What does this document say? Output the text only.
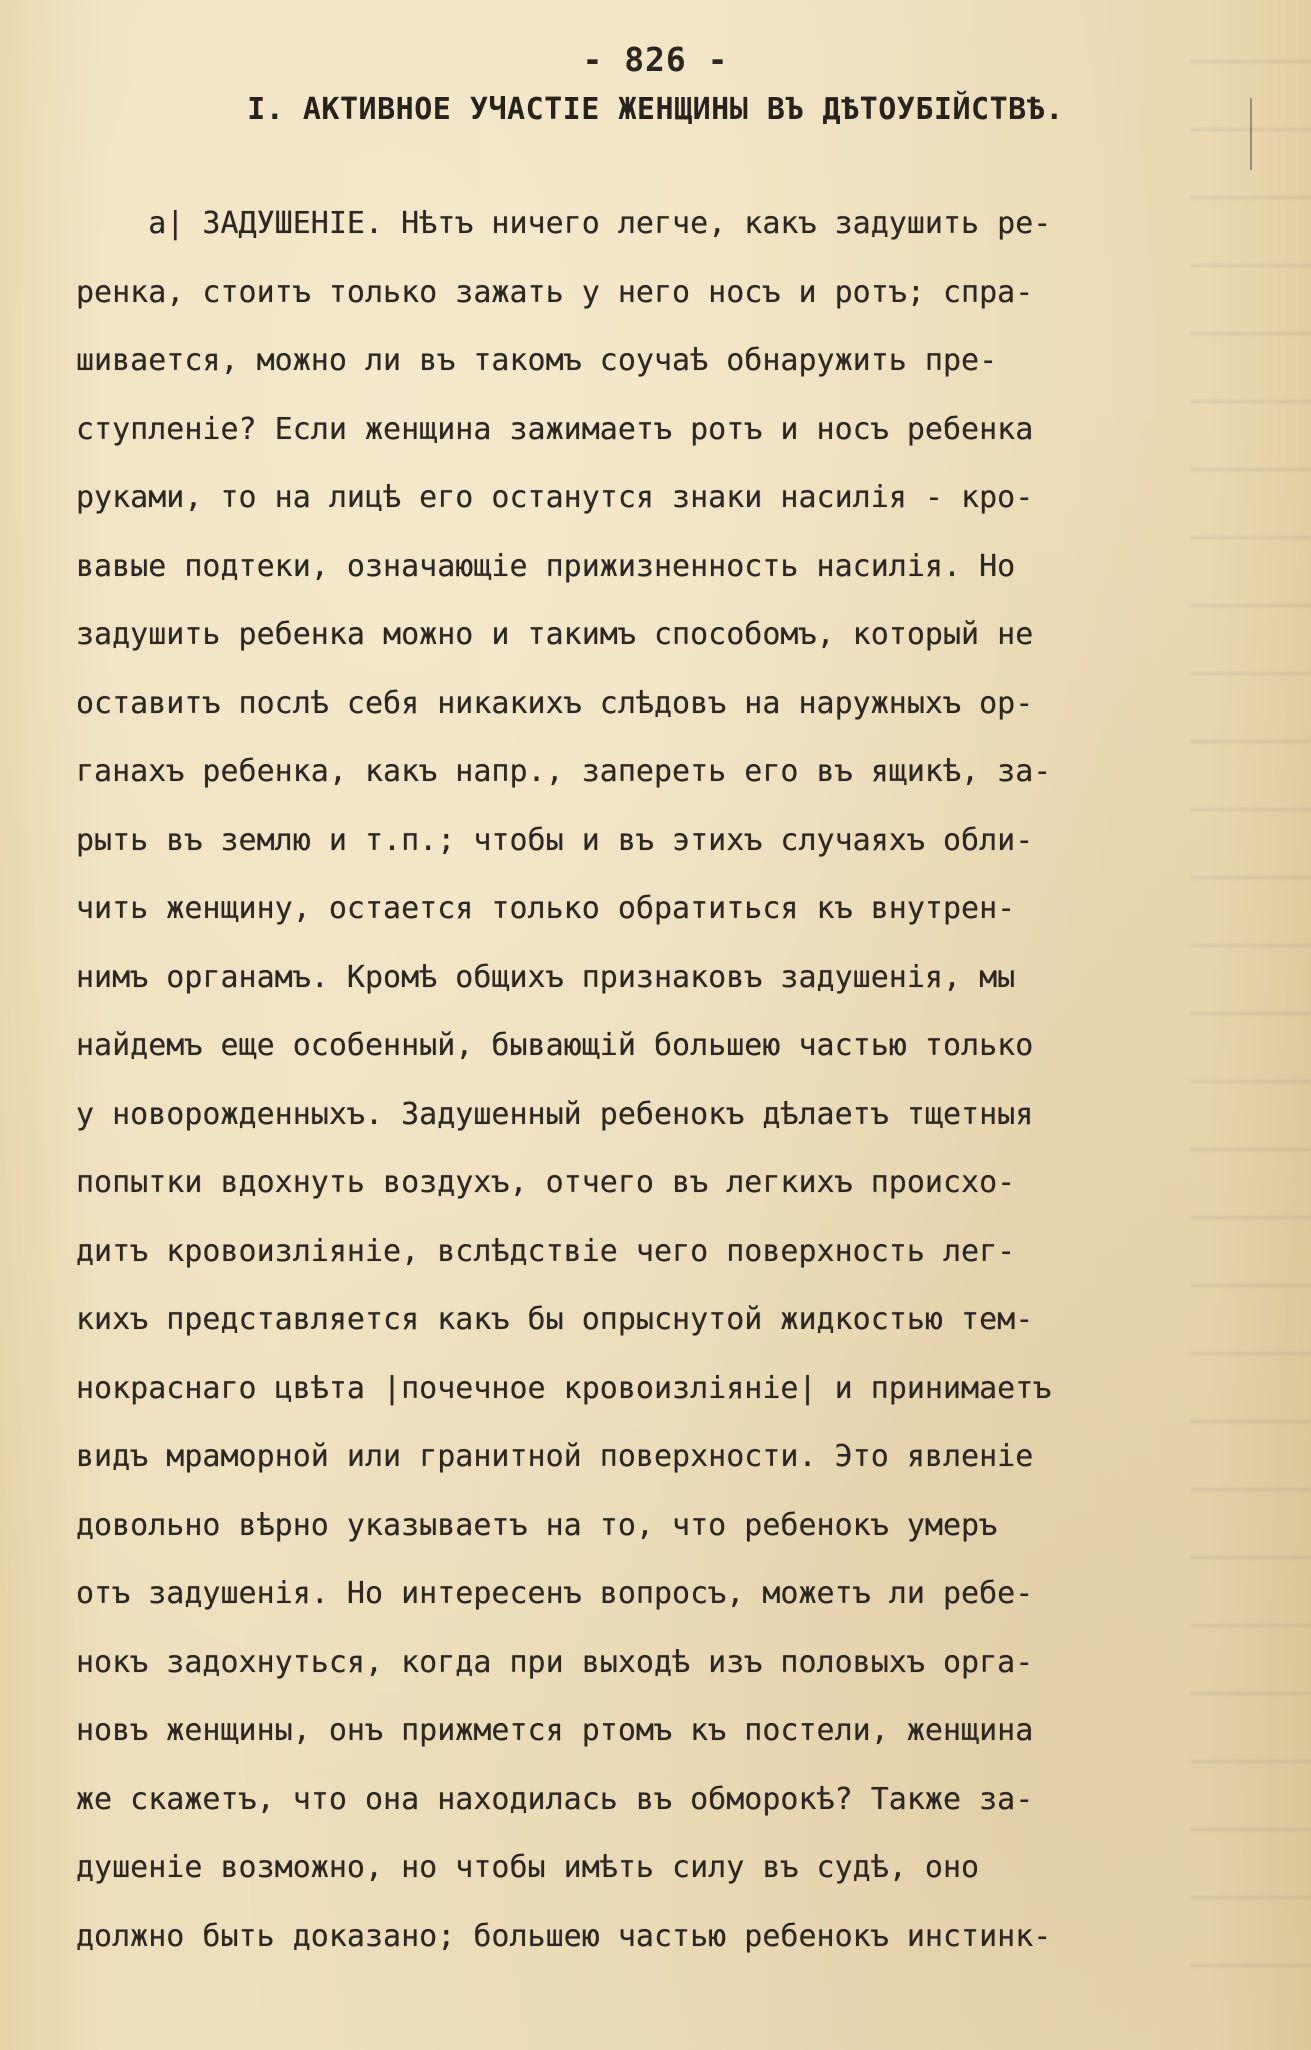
- 826 -
I. АКТИВНОЕ УЧАСТІЕ ЖЕНЩИНЫ ВЪ ДѢТОУБІЙСТВѢ.
а| ЗАДУШЕНІЕ. Нѣтъ ничего легче, какъ задушить ре-
ренка, стоитъ только зажать у него носъ и ротъ; спра-
шивается, можно ли въ такомъ соучаѣ обнаружить пре-
ступленіе? Если женщина зажимаетъ ротъ и носъ ребенка
руками, то на лицѣ его останутся знаки насилія - кро-
вавые подтеки, означающіе прижизненность насилія. Но
задушить ребенка можно и такимъ способомъ, который не
оставитъ послѣ себя никакихъ слѣдовъ на наружныхъ ор-
ганахъ ребенка, какъ напр., запереть его въ ящикѣ, за-
рыть въ землю и т.п.; чтобы и въ этихъ случаяхъ обли-
чить женщину, остается только обратиться къ внутрен-
нимъ органамъ. Кромѣ общихъ признаковъ задушенія, мы
найдемъ еще особенный, бывающій большею частью только
у новорожденныхъ. Задушенный ребенокъ дѣлаетъ тщетныя
попытки вдохнуть воздухъ, отчего въ легкихъ происхо-
дитъ кровоизлiяніе, вслѣдствіе чего поверхность лег-
кихъ представляется какъ бы опрыснутой жидкостью тем-
нокраснаго цвѣта |почечное кровоизлiяніе| и принимаетъ
видъ мраморной или гранитной поверхности. Это явленіе
довольно вѣрно указываетъ на то, что ребенокъ умеръ
отъ задушенія. Но интересенъ вопросъ, можетъ ли ребе-
нокъ задохнуться, когда при выходѣ изъ половыхъ орга-
новъ женщины, онъ прижмется ртомъ къ постели, женщина
же скажетъ, что она находилась въ обморокѣ? Также за-
душеніе возможно, но чтобы имѣть силу въ судѣ, оно
должно быть доказано; большею частью ребенокъ инстинк-
